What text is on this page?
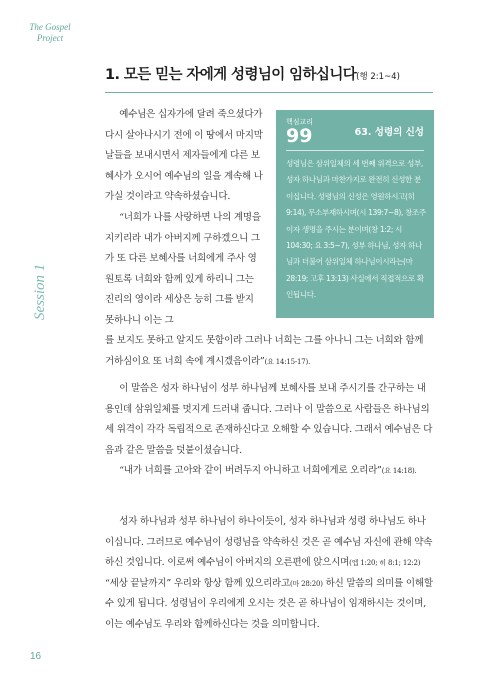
The Gospel
Project
Session 1
1. 모든 믿는 자에게 성령님이 임하십니다(행 2:1~4)
핵심교리
99	63. 성령의 신성
성령님은 삼위일체의 세 번째 위격으로 성부, 성자 하나님과 마찬가지로 완전히 신성한 분이십니다. 성령님의 신성은 영원하시고(히 9:14), 무소부재하시며(시 139:7~8), 창조주이자 생명을 주시는 분이며(창 1:2; 시 104:30; 요 3:5~7), 성부 하나님, 성자 하나님과 더불어 삼위일체 하나님이시라는(마 28:19; 고후 13:13) 사실에서 직접적으로 확인됩니다.
예수님은 십자가에 달려 죽으셨다가 다시 살아나시기 전에 이 땅에서 마지막 날들을 보내시면서 제자들에게 다른 보혜사가 오시어 예수님의 일을 계속해 나가실 것이라고 약속하셨습니다.
“너희가 나를 사랑하면 나의 계명을 지키리라 내가 아버지께 구하겠으니 그가 또 다른 보혜사를 너희에게 주사 영원토록 너희와 함께 있게 하리니 그는 진리의 영이라 세상은 능히 그를 받지 못하나니 이는 그
를 보지도 못하고 알지도 못함이라 그러나 너희는 그를 아나니 그는 너희와 함께 거하심이요 또 너희 속에 계시겠음이라”(요 14:15-17).
이 말씀은 성자 하나님이 성부 하나님께 보혜사를 보내 주시기를 간구하는 내용인데 삼위일체를 멋지게 드러내 줍니다. 그러나 이 말씀으로 사람들은 하나님의 세 위격이 각각 독립적으로 존재하신다고 오해할 수 있습니다. 그래서 예수님은 다음과 같은 말씀을 덧붙이셨습니다.
“내가 너희를 고아와 같이 버려두지 아니하고 너희에게로 오리라”(요 14:18).
성자 하나님과 성부 하나님이 하나이듯이, 성자 하나님과 성령 하나님도 하나이십니다. 그러므로 예수님이 성령님을 약속하신 것은 곧 예수님 자신에 관해 약속하신 것입니다. 이로써 예수님이 아버지의 오른편에 앉으시며(엡 1:20; 히 8:1; 12:2) “세상 끝날까지” 우리와 항상 함께 있으리라고(마 28:20) 하신 말씀의 의미를 이해할 수 있게 됩니다. 성령님이 우리에게 오시는 것은 곧 하나님이 임재하시는 것이며, 이는 예수님도 우리와 함께하신다는 것을 의미합니다.
16
